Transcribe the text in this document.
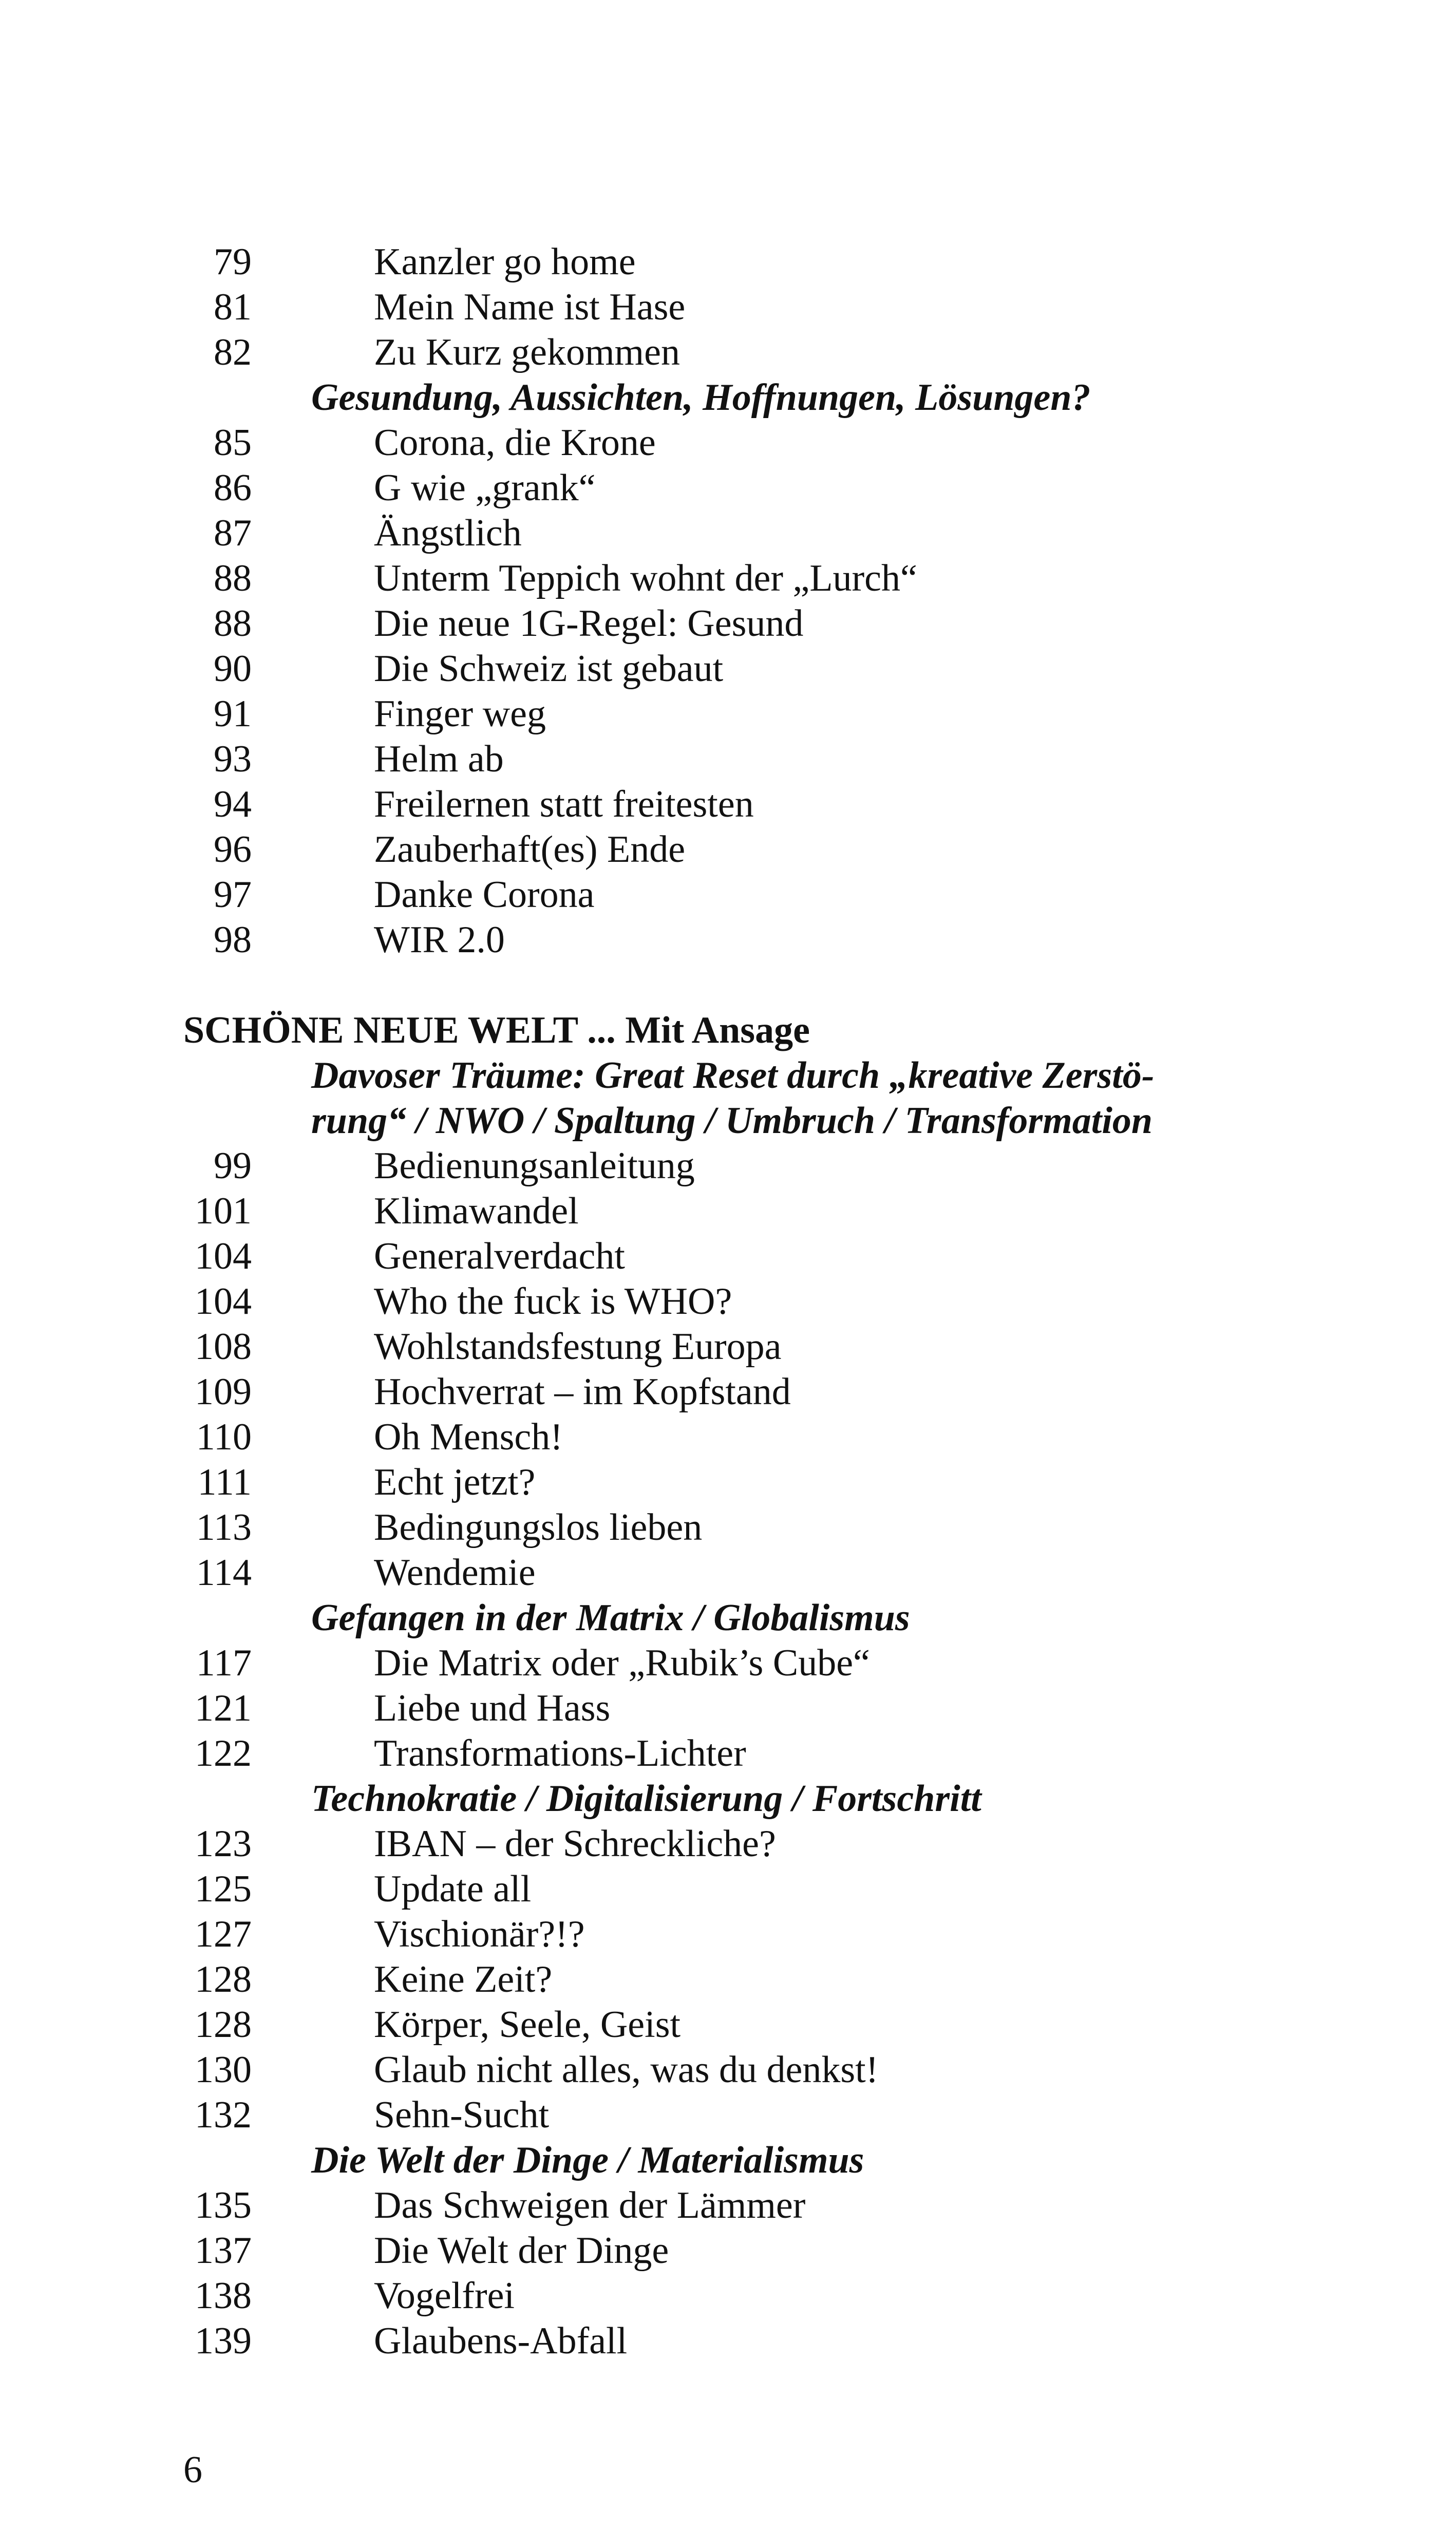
79	Kanzler go home
81	Mein Name ist Hase
82	Zu Kurz gekommen
Gesundung, Aussichten, Hoffnungen, Lösungen?
85	Corona, die Krone
86	G wie „grank“
87	Ängstlich
88	Unterm Teppich wohnt der „Lurch“
88	Die neue 1G-Regel: Gesund
90	Die Schweiz ist gebaut
91	Finger weg
93	Helm ab
94	Freilernen statt freitesten
96	Zauberhaft(es) Ende
97	Danke Corona
98	WIR 2.0
SCHÖNE NEUE WELT ... Mit Ansage
Davoser Träume: Great Reset durch „kreative Zerstö-
rung“ / NWO / Spaltung / Umbruch / Transformation
99	Bedienungsanleitung
101	Klimawandel
104	Generalverdacht
104	Who the fuck is WHO?
108	Wohlstandsfestung Europa
109	Hochverrat – im Kopfstand
110	Oh Mensch!
111	Echt jetzt?
113	Bedingungslos lieben
114	Wendemie
Gefangen in der Matrix / Globalismus
117	Die Matrix oder „Rubik’s Cube“
121	Liebe und Hass
122	Transformations-Lichter
Technokratie / Digitalisierung / Fortschritt
123	IBAN – der Schreckliche?
125	Update all
127	Vischionär?!?
128	Keine Zeit?
128	Körper, Seele, Geist
130	Glaub nicht alles, was du denkst!
132	Sehn-Sucht
Die Welt der Dinge / Materialismus
135	Das Schweigen der Lämmer
137	Die Welt der Dinge
138	Vogelfrei
139	Glaubens-Abfall
6
